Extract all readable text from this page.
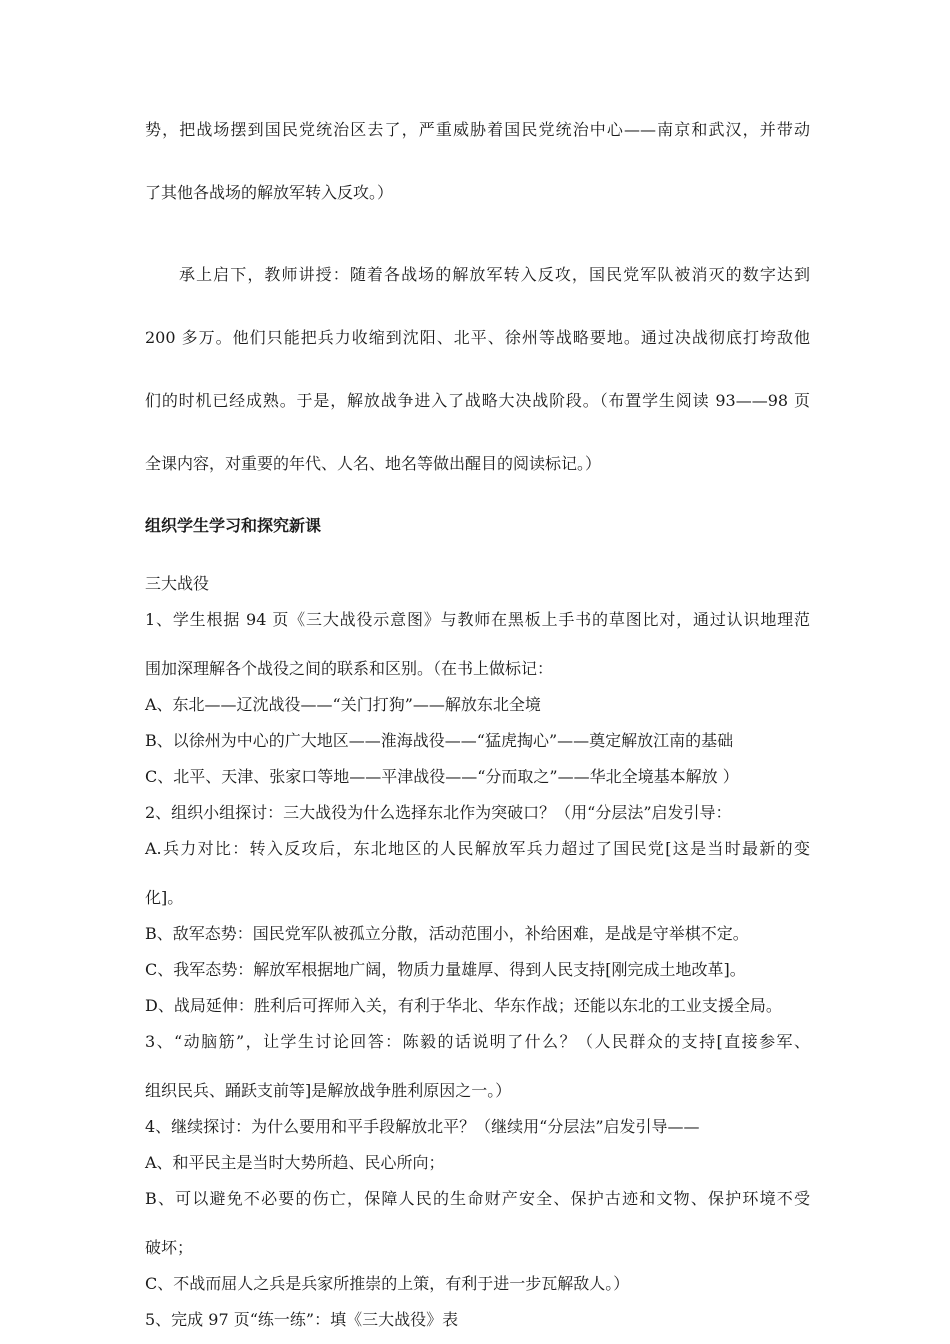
势，把战场摆到国民党统治区去了，严重威胁着国民党统治中心——南京和武汉，并带动

了其他各战场的解放军转入反攻。）

承上启下，教师讲授：随着各战场的解放军转入反攻，国民党军队被消灭的数字达到

200 多万。他们只能把兵力收缩到沈阳、北平、徐州等战略要地。通过决战彻底打垮敌他

们的时机已经成熟。于是，解放战争进入了战略大决战阶段。（布置学生阅读 93——98 页

全课内容，对重要的年代、人名、地名等做出醒目的阅读标记。）

组织学生学习和探究新课

三大战役

1、学生根据 94 页《三大战役示意图》与教师在黑板上手书的草图比对，通过认识地理范

围加深理解各个战役之间的联系和区别。（在书上做标记：

A、东北——辽沈战役——“关门打狗”——解放东北全境

B、以徐州为中心的广大地区——淮海战役——“猛虎掏心”——奠定解放江南的基础

C、北平、天津、张家口等地——平津战役——“分而取之”——华北全境基本解放 ）

2、组织小组探讨：三大战役为什么选择东北作为突破口？（用“分层法”启发引导：

A.兵力对比：转入反攻后，东北地区的人民解放军兵力超过了国民党[这是当时最新的变

化]。

B、敌军态势：国民党军队被孤立分散，活动范围小，补给困难，是战是守举棋不定。

C、我军态势：解放军根据地广阔，物质力量雄厚、得到人民支持[刚完成土地改革]。

D、战局延伸：胜利后可挥师入关，有利于华北、华东作战；还能以东北的工业支援全局。

3、“动脑筋”，让学生讨论回答：陈毅的话说明了什么？（人民群众的支持[直接参军、

组织民兵、踊跃支前等]是解放战争胜利原因之一。）

4、继续探讨：为什么要用和平手段解放北平？（继续用“分层法”启发引导——

A、和平民主是当时大势所趋、民心所向；

B、可以避免不必要的伤亡，保障人民的生命财产安全、保护古迹和文物、保护环境不受

破坏；

C、不战而屈人之兵是兵家所推崇的上策，有利于进一步瓦解敌人。）

5、完成 97 页“练一练”：填《三大战役》表
